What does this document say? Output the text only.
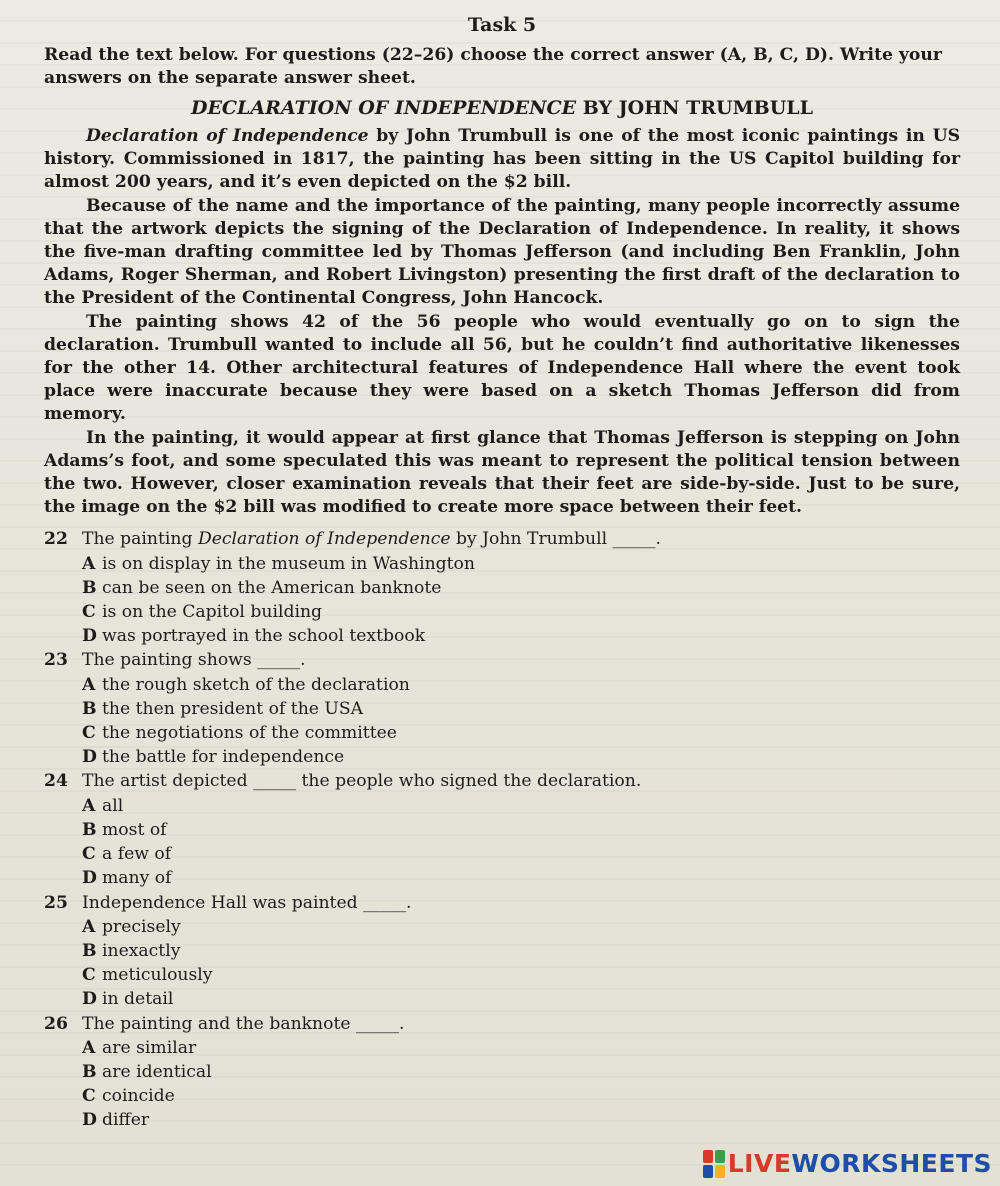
Task 5
Read the text below. For questions (22–26) choose the correct answer (A, B, C, D). Write your answers on the separate answer sheet.
DECLARATION OF INDEPENDENCE BY JOHN TRUMBULL

Declaration of Independence by John Trumbull is one of the most iconic paintings in US history. Commissioned in 1817, the painting has been sitting in the US Capitol building for almost 200 years, and it’s even depicted on the $2 bill.

Because of the name and the importance of the painting, many people incorrectly assume that the artwork depicts the signing of the Declaration of Independence. In reality, it shows the five-man drafting committee led by Thomas Jefferson (and including Ben Franklin, John Adams, Roger Sherman, and Robert Livingston) presenting the first draft of the declaration to the President of the Continental Congress, John Hancock.

The painting shows 42 of the 56 people who would eventually go on to sign the declaration. Trumbull wanted to include all 56, but he couldn’t find authoritative likenesses for the other 14. Other architectural features of Independence Hall where the event took place were inaccurate because they were based on a sketch Thomas Jefferson did from memory.

In the painting, it would appear at first glance that Thomas Jefferson is stepping on John Adams’s foot, and some speculated this was meant to represent the political tension between the two. However, closer examination reveals that their feet are side-by-side. Just to be sure, the image on the $2 bill was modified to create more space between their feet.

22 The painting Declaration of Independence by John Trumbull _____.
A is on display in the museum in Washington
B can be seen on the American banknote
C is on the Capitol building
D was portrayed in the school textbook
23 The painting shows _____.
A the rough sketch of the declaration
B the then president of the USA
C the negotiations of the committee
D the battle for independence
24 The artist depicted _____ the people who signed the declaration.
A all
B most of
C a few of
D many of
25 Independence Hall was painted _____.
A precisely
B inexactly
C meticulously
D in detail
26 The painting and the banknote _____.
A are similar
B are identical
C coincide
D differ
LIVE WORKSHEETS
